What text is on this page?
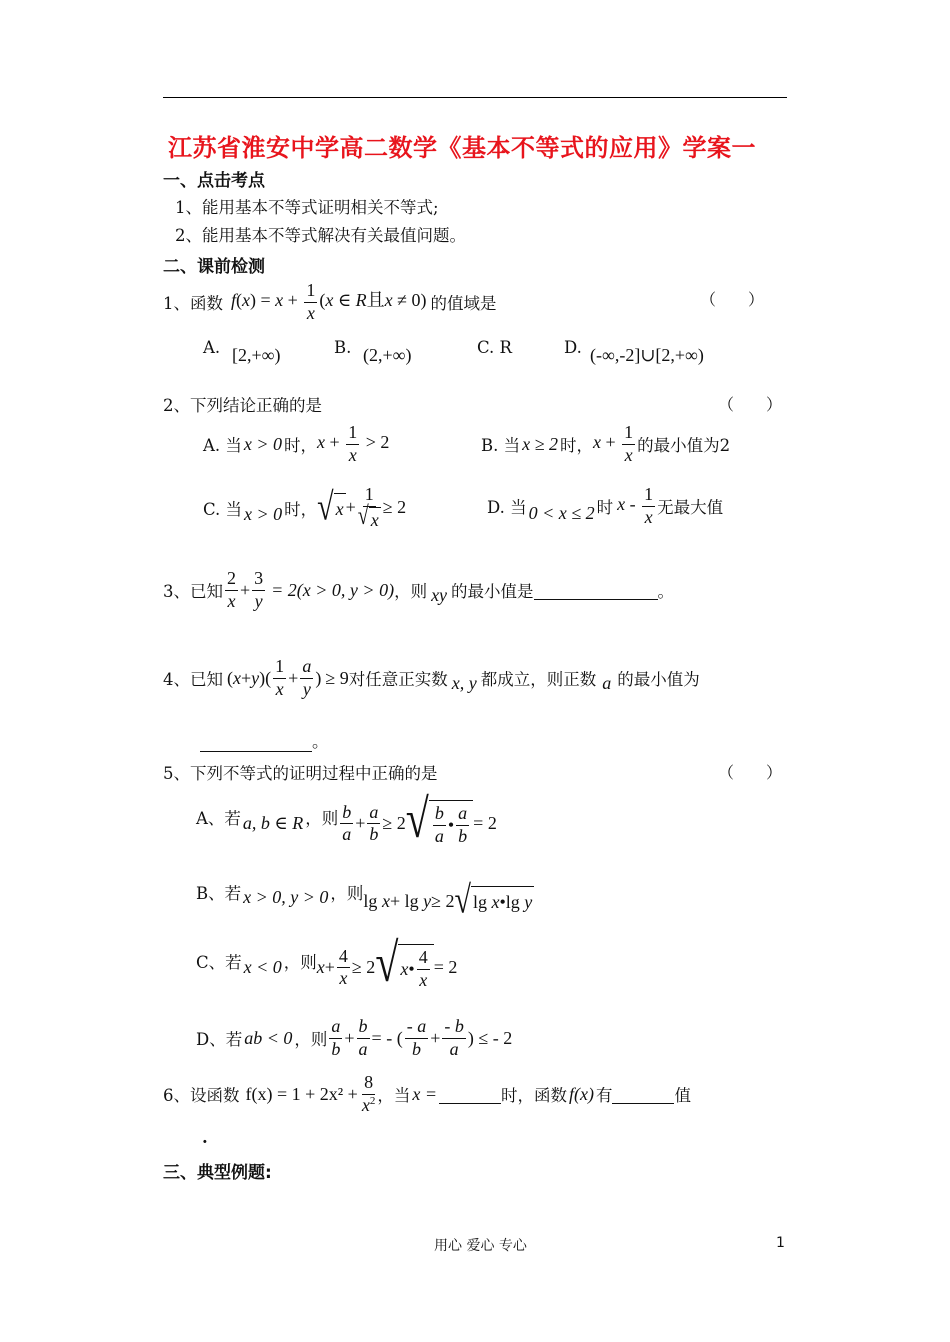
江苏省淮安中学高二数学《基本不等式的应用》学案一
一、点击考点
1、能用基本不等式证明相关不等式;
2、能用基本不等式解决有关最值问题。
二、课前检测
1、函数 $f(x) = x + \frac{1}{x} (x$ ∈ R且x ≠ 0) 的值域是	（　　）
A. [2,+∞)	B. (2,+∞)	C. R	D. (-∞,-2]∪[2,+∞)
2、下列结论正确的是	（　　）
A. 当 x > 0 时， $x + \frac{1}{x} > 2$	B. 当 x ≥ 2 时， $x + \frac{1}{x}$ 的最小值为2
C. 当 x > 0 时， √ $x + \frac{1}{√ x} \ge 2$	D. 当 0 < x ≤ 2 时 x - $\frac{1}{x}$ 无最大值
3、已知 $\frac{2}{x} + \frac{3}{y} = 2(x > 0$, y > 0) ，则 xy 的最小值是	。
4、已知 ( x + y )( $\frac{1}{x} + \frac{a}{y}$ ) ≥ 9 对任意正实数 x, y 都成立，则正数 a 的最小值为
。
5、下列不等式的证明过程中正确的是	（　　）
A、若 a, b ∈ R ，则 $\frac{b}{a} + \frac{a}{b} \ge 2$ √ $\frac{b}{a}$ • $\frac{a}{b} = 2$
B、若 x > 0, y > 0 ，则 lg x + lg y ≥ 2 √ lg x •lg y
C、若 x < 0 ，则 $x + \frac{4}{x} \ge 2$ √ x • $\frac{4}{x} = 2$
D、若 ab < 0 ，则 $\frac{a}{b} + \frac{b}{a}$ = - ( $\frac{- a}{b} + \frac{- b}{a}$ ) ≤ - 2
6、设函数 $f(x) = 1 + 2x^2 + \frac{8}{x^2}$ ，当 x =	时，函数 f(x) 有	值
.
三、典型例题:
用心 爱心 专心	1
